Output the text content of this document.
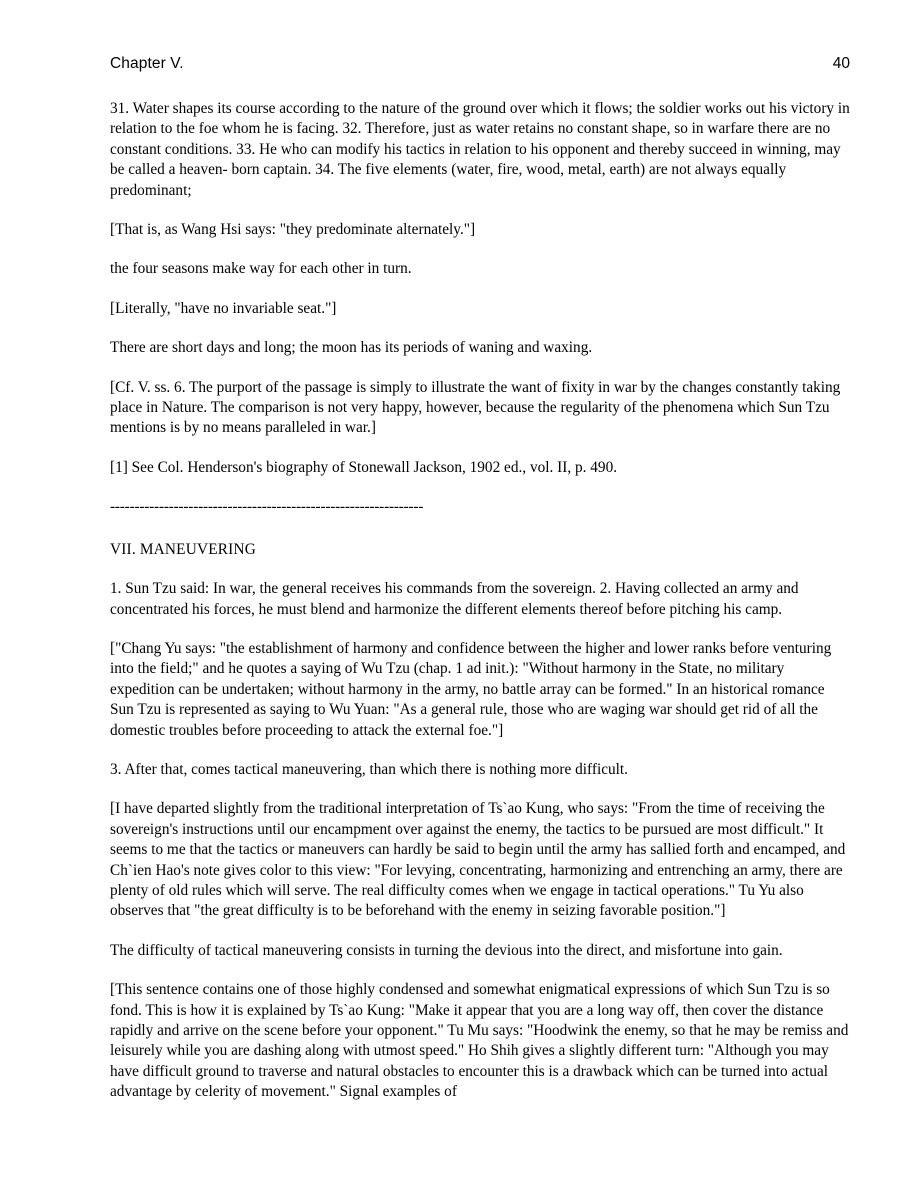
Chapter V.	40

31. Water shapes its course according to the nature of the ground over which it flows; the soldier works out his victory in relation to the foe whom he is facing. 32. Therefore, just as water retains no constant shape, so in warfare there are no constant conditions. 33. He who can modify his tactics in relation to his opponent and thereby succeed in winning, may be called a heaven- born captain. 34. The five elements (water, fire, wood, metal, earth) are not always equally predominant;

[That is, as Wang Hsi says: "they predominate alternately."]

the four seasons make way for each other in turn.

[Literally, "have no invariable seat."]

There are short days and long; the moon has its periods of waning and waxing.

[Cf. V. ss. 6. The purport of the passage is simply to illustrate the want of fixity in war by the changes constantly taking place in Nature. The comparison is not very happy, however, because the regularity of the phenomena which Sun Tzu mentions is by no means paralleled in war.]

[1] See Col. Henderson's biography of Stonewall Jackson, 1902 ed., vol. II, p. 490.

----------------------------------------------------------------
VII. MANEUVERING

1. Sun Tzu said: In war, the general receives his commands from the sovereign. 2. Having collected an army and concentrated his forces, he must blend and harmonize the different elements thereof before pitching his camp.

["Chang Yu says: "the establishment of harmony and confidence between the higher and lower ranks before venturing into the field;" and he quotes a saying of Wu Tzu (chap. 1 ad init.): "Without harmony in the State, no military expedition can be undertaken; without harmony in the army, no battle array can be formed." In an historical romance Sun Tzu is represented as saying to Wu Yuan: "As a general rule, those who are waging war should get rid of all the domestic troubles before proceeding to attack the external foe."]

3. After that, comes tactical maneuvering, than which there is nothing more difficult.

[I have departed slightly from the traditional interpretation of Ts`ao Kung, who says: "From the time of receiving the sovereign's instructions until our encampment over against the enemy, the tactics to be pursued are most difficult." It seems to me that the tactics or maneuvers can hardly be said to begin until the army has sallied forth and encamped, and Ch`ien Hao's note gives color to this view: "For levying, concentrating, harmonizing and entrenching an army, there are plenty of old rules which will serve. The real difficulty comes when we engage in tactical operations." Tu Yu also observes that "the great difficulty is to be beforehand with the enemy in seizing favorable position."]

The difficulty of tactical maneuvering consists in turning the devious into the direct, and misfortune into gain.

[This sentence contains one of those highly condensed and somewhat enigmatical expressions of which Sun Tzu is so fond. This is how it is explained by Ts`ao Kung: "Make it appear that you are a long way off, then cover the distance rapidly and arrive on the scene before your opponent." Tu Mu says: "Hoodwink the enemy, so that he may be remiss and leisurely while you are dashing along with utmost speed." Ho Shih gives a slightly different turn: "Although you may have difficult ground to traverse and natural obstacles to encounter this is a drawback which can be turned into actual advantage by celerity of movement." Signal examples of
